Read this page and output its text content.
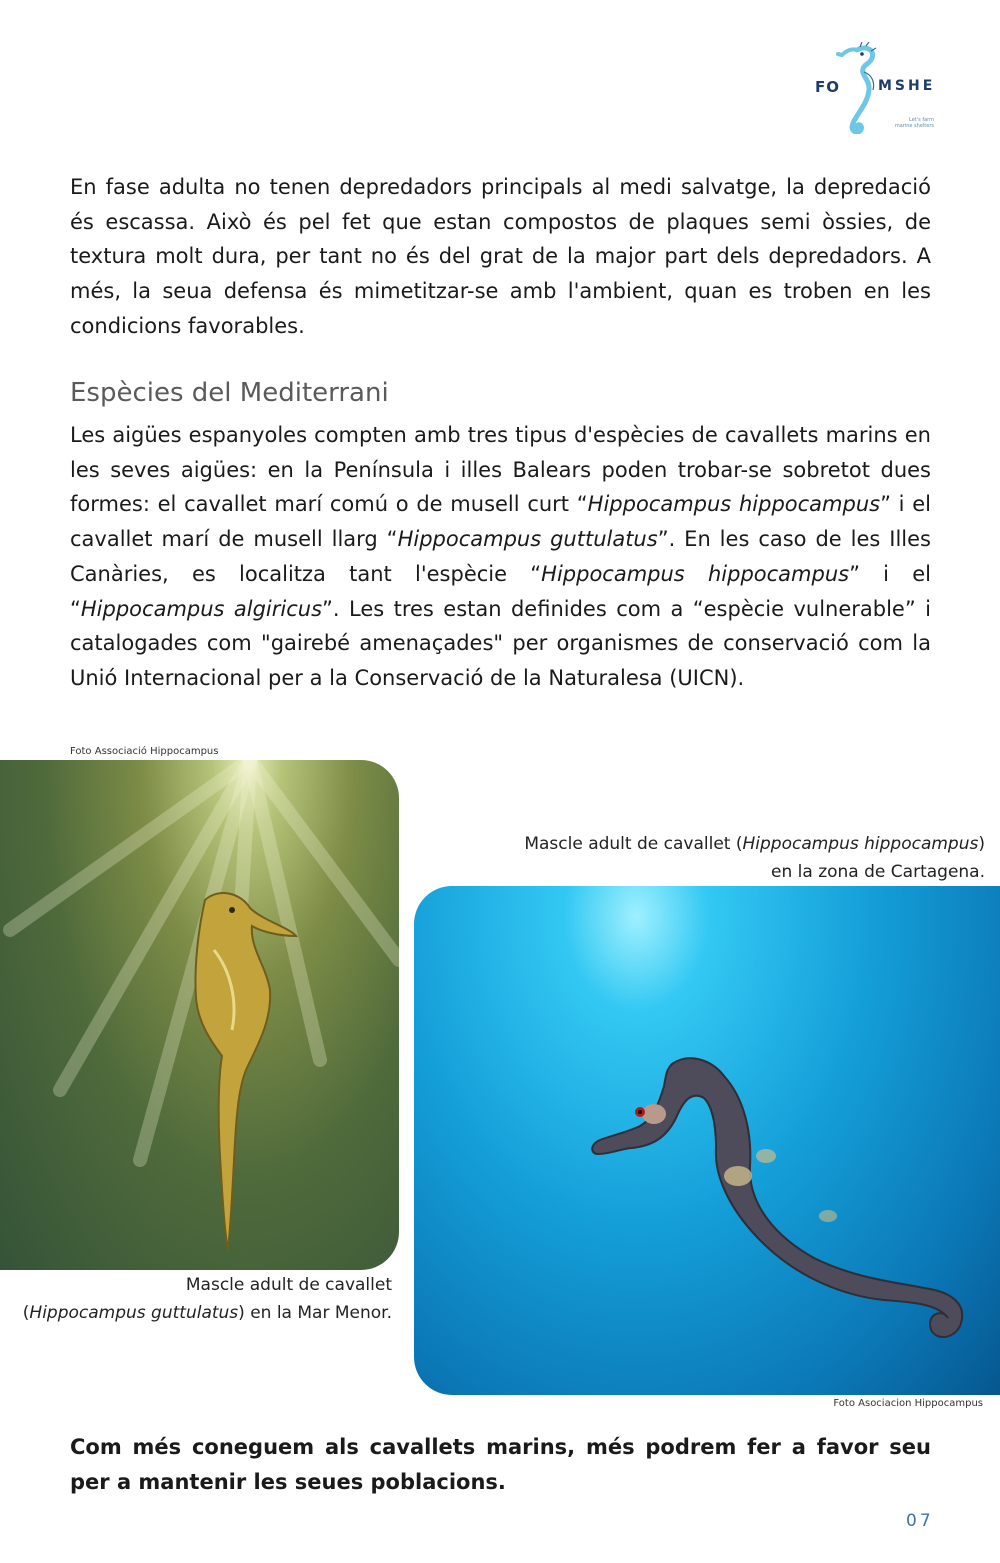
FO	MSHE
Let's farm marine shelters

En fase adulta no tenen depredadors principals al medi salvatge, la depredació és escassa. Això és pel fet que estan compostos de plaques semi òssies, de textura molt dura, per tant no és del grat de la major part dels depredadors. A més, la seua defensa és mimetitzar-se amb l'ambient, quan es troben en les condicions favorables.

Espècies del Mediterrani

Les aigües espanyoles compten amb tres tipus d'espècies de cavallets marins en les seves aigües: en la Península i illes Balears poden trobar-se sobretot dues formes: el cavallet marí comú o de musell curt “Hippocampus hippocampus” i el cavallet marí de musell llarg “Hippocampus guttulatus”. En les caso de les Illes Canàries, es localitza tant l'espècie “Hippocampus hippocampus” i el “Hippocampus algiricus”. Les tres estan definides com a “espècie vulnerable” i catalogades com "gairebé amenaçades" per organismes de conservació com la Unió Internacional per a la Conservació de la Naturalesa (UICN).

Foto Associació Hippocampus
Mascle adult de cavallet
(Hippocampus guttulatus) en la Mar Menor.
Mascle adult de cavallet (Hippocampus hippocampus)
en la zona de Cartagena.
Foto Asociacion Hippocampus

Com més coneguem als cavallets marins, més podrem fer a favor seu per a mantenir les seues poblacions.

07
